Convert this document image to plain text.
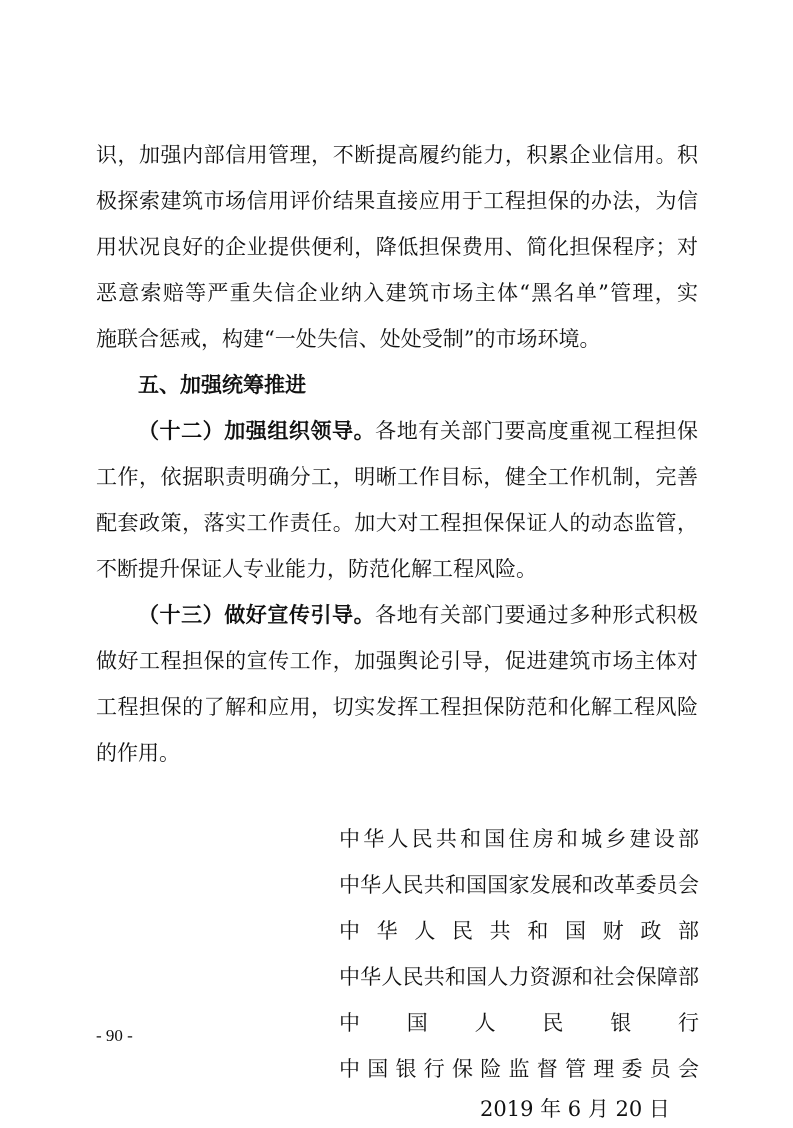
识，加强内部信用管理，不断提高履约能力，积累企业信用。积
极探索建筑市场信用评价结果直接应用于工程担保的办法，为信
用状况良好的企业提供便利，降低担保费用、简化担保程序；对
恶意索赔等严重失信企业纳入建筑市场主体“黑名单”管理，实
施联合惩戒，构建“一处失信、处处受制”的市场环境。
五、加强统筹推进
（十二）加强组织领导。各地有关部门要高度重视工程担保
工作，依据职责明确分工，明晰工作目标，健全工作机制，完善
配套政策，落实工作责任。加大对工程担保保证人的动态监管，
不断提升保证人专业能力，防范化解工程风险。
（十三）做好宣传引导。各地有关部门要通过多种形式积极
做好工程担保的宣传工作，加强舆论引导，促进建筑市场主体对
工程担保的了解和应用，切实发挥工程担保防范和化解工程风险
的作用。
中华人民共和国住房和城乡建设部
中华人民共和国国家发展和改革委员会
中华人民共和国财政部
中华人民共和国人力资源和社会保障部
中国人民银行
中国银行保险监督管理委员会
2019 年 6 月 20 日
- 90 -
